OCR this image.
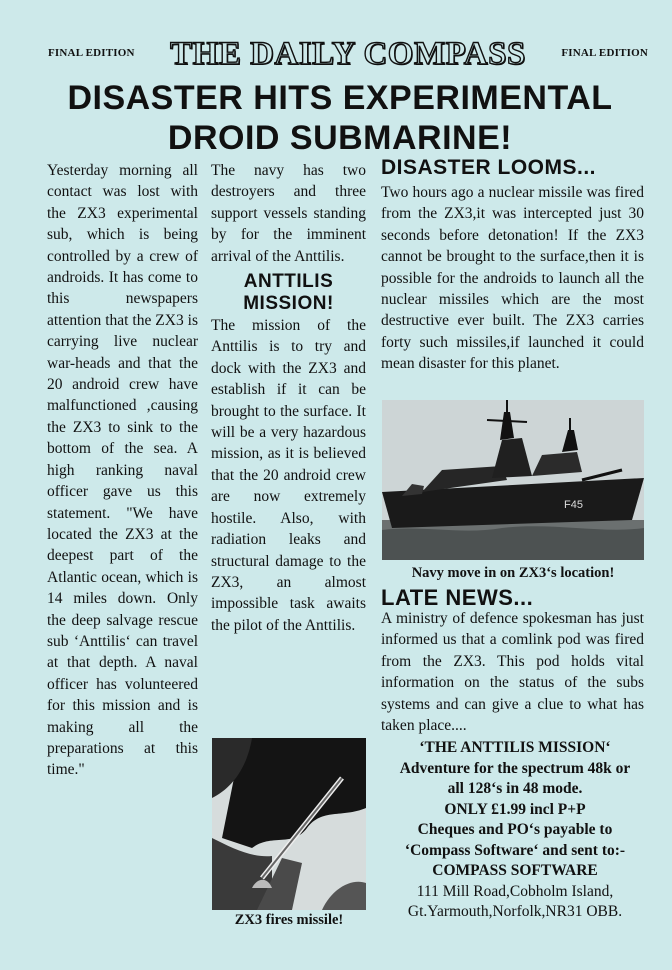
FINAL EDITION	THE DAILY COMPASS	FINAL EDITION
DISASTER HITS EXPERIMENTAL
DROID SUBMARINE!

Yesterday morning all contact was lost with the ZX3 experimental sub, which is being controlled by a crew of androids. It has come to this newspapers attention that the ZX3 is carrying live nuclear war-heads and that the 20 android crew have malfunctioned ,causing the ZX3 to sink to the bottom of the sea. A high ranking naval officer gave us this statement. "We have located the ZX3 at the deepest part of the Atlantic ocean, which is 14 miles down. Only the deep salvage rescue sub ‘Anttilis‘ can travel at that depth. A naval officer has volunteered for this mission and is making all the preparations at this time."

The navy has two destroyers and three support vessels standing by for the imminent arrival of the Anttilis.

ANTTILIS
MISSION!

The mission of the Anttilis is to try and dock with the ZX3 and establish if it can be brought to the surface. It will be a very hazardous mission, as it is believed that the 20 android crew are now extremely hostile. Also, with radiation leaks and structural damage to the ZX3, an almost impossible task awaits the pilot of the Anttilis.

ZX3 fires missile!
DISASTER LOOMS...

Two hours ago a nuclear missile was fired from the ZX3,it was intercepted just 30 seconds before detonation! If the ZX3 cannot be brought to the surface,then it is possible for the androids to launch all the nuclear missiles which are the most destructive ever built. The ZX3 carries forty such missiles,if launched it could mean disaster for this planet.

F45
Navy move in on ZX3‘s location!
LATE NEWS...

A ministry of defence spokesman has just informed us that a comlink pod was fired from the ZX3. This pod holds vital information on the status of the subs systems and can give a clue to what has taken place....

‘THE ANTTILIS MISSION‘
Adventure for the spectrum 48k or
all 128‘s in 48 mode.
ONLY £1.99 incl P+P
Cheques and PO‘s payable to
‘Compass Software‘ and sent to:-
COMPASS SOFTWARE
111 Mill Road,Cobholm Island,
Gt.Yarmouth,Norfolk,NR31 OBB.
